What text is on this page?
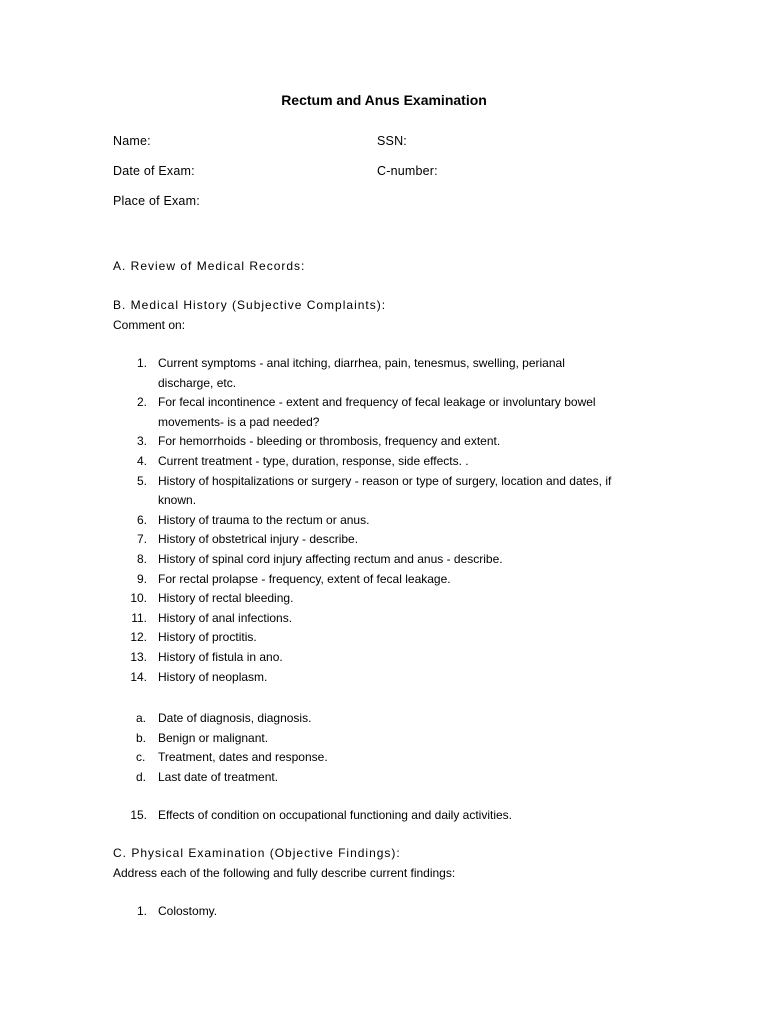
Rectum and Anus Examination
Name:	SSN:
Date of Exam:	C-number:
Place of Exam:
A. Review of Medical Records:
B. Medical History (Subjective Complaints):
Comment on:
1. Current symptoms - anal itching, diarrhea, pain, tenesmus, swelling, perianal
discharge, etc.
2. For fecal incontinence - extent and frequency of fecal leakage or involuntary bowel
movements- is a pad needed?
3. For hemorrhoids - bleeding or thrombosis, frequency and extent.
4. Current treatment - type, duration, response, side effects. .
5. History of hospitalizations or surgery - reason or type of surgery, location and dates, if
known.
6. History of trauma to the rectum or anus.
7. History of obstetrical injury - describe.
8. History of spinal cord injury affecting rectum and anus - describe.
9. For rectal prolapse - frequency, extent of fecal leakage.
10. History of rectal bleeding.
11. History of anal infections.
12. History of proctitis.
13. History of fistula in ano.
14. History of neoplasm.
a. Date of diagnosis, diagnosis.
b. Benign or malignant.
c. Treatment, dates and response.
d. Last date of treatment.
15. Effects of condition on occupational functioning and daily activities.
C. Physical Examination (Objective Findings):
Address each of the following and fully describe current findings:
1. Colostomy.
